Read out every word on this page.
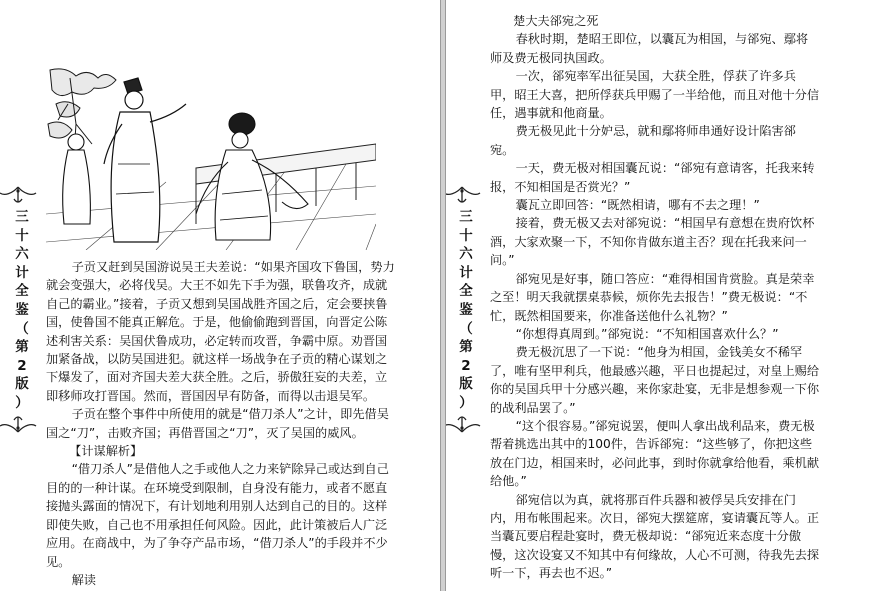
三
十
六
计
全
鉴
（
第
2
版
）

子贡又赶到吴国游说吴王夫差说：“如果齐国攻下鲁国，势力就会变强大，必将伐吴。大王不如先下手为强，联鲁攻齐，成就自己的霸业。”接着，子贡又想到吴国战胜齐国之后，定会要挟鲁国，使鲁国不能真正解危。于是，他偷偷跑到晋国，向晋定公陈述利害关系：吴国伏鲁成功，必定转而攻晋，争霸中原。劝晋国加紧备战，以防吴国进犯。就这样一场战争在子贡的精心谋划之下爆发了，面对齐国夫差大获全胜。之后，骄傲狂妄的夫差，立即移师攻打晋国。然而，晋国因早有防备，而得以击退吴军。

子贡在整个事件中所使用的就是“借刀杀人”之计，即先借吴国之“刀”，击败齐国；再借晋国之“刀”，灭了吴国的威风。

【计谋解析】

“借刀杀人”是借他人之手或他人之力来铲除异己或达到自己目的的一种计谋。在环境受到限制，自身没有能力，或者不愿直接抛头露面的情况下，有计划地利用别人达到自己的目的。这样即使失败，自己也不用承担任何风险。因此，此计策被后人广泛应用。在商战中，为了争夺产品市场，“借刀杀人”的手段并不少见。

解读

三
十
六
计
全
鉴
（
第
2
版
）

楚大夫郤宛之死

春秋时期，楚昭王即位，以囊瓦为相国，与郤宛、鄢将师及费无极同执国政。

一次，郤宛率军出征吴国，大获全胜，俘获了许多兵甲，昭王大喜，把所俘获兵甲赐了一半给他，而且对他十分信任，遇事就和他商量。

费无极见此十分妒忌，就和鄢将师串通好设计陷害郤宛。

一天，费无极对相国囊瓦说：“郤宛有意请客，托我来转报，不知相国是否赏光？”

囊瓦立即回答：“既然相请，哪有不去之理！”

接着，费无极又去对郤宛说：“相国早有意想在贵府饮杯酒，大家欢聚一下，不知你肯做东道主否？现在托我来问一问。”

郤宛见是好事，随口答应：“难得相国肯赏脸。真是荣幸之至！明天我就摆桌恭候，烦你先去报告！”费无极说：“不忙，既然相国要来，你准备送他什么礼物？”

“你想得真周到。”郤宛说：“不知相国喜欢什么？”

费无极沉思了一下说：“他身为相国，金钱美女不稀罕了，唯有坚甲利兵，他最感兴趣，平日也提起过，对皇上赐给你的吴国兵甲十分感兴趣，来你家赴宴，无非是想参观一下你的战利品罢了。”

“这个很容易。”郤宛说罢，便叫人拿出战利品来，费无极帮着挑选出其中的100件，告诉郤宛：“这些够了，你把这些放在门边，相国来时，必问此事，到时你就拿给他看，乘机献给他。”

郤宛信以为真，就将那百件兵器和被俘吴兵安排在门内，用布帐围起来。次日，郤宛大摆筵席，宴请囊瓦等人。正当囊瓦要启程赴宴时，费无极却说：“郤宛近来态度十分傲慢，这次设宴又不知其中有何缘故，人心不可测，待我先去探听一下，再去也不迟。”
